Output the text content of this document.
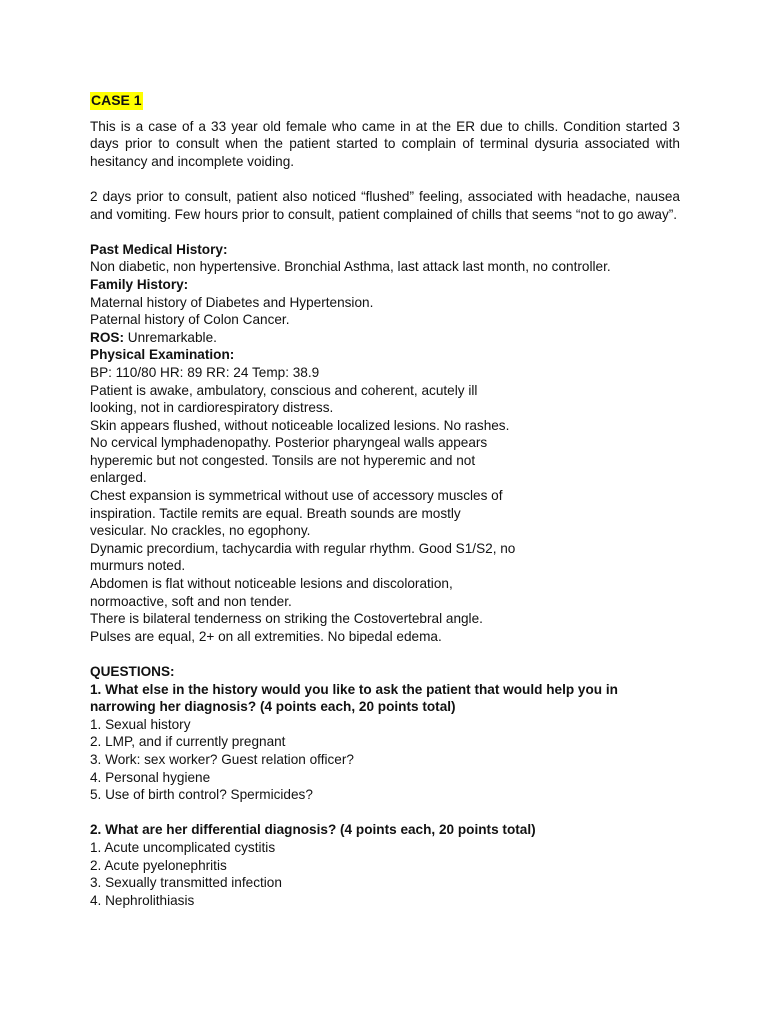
CASE 1

This is a case of a 33 year old female who came in at the ER due to chills. Condition started 3 days prior to consult when the patient started to complain of terminal dysuria associated with hesitancy and incomplete voiding.

2 days prior to consult, patient also noticed “flushed” feeling, associated with headache, nausea and vomiting. Few hours prior to consult, patient complained of chills that seems “not to go away”.

Past Medical History:
Non diabetic, non hypertensive. Bronchial Asthma, last attack last month, no controller.
Family History:
Maternal history of Diabetes and Hypertension.
Paternal history of Colon Cancer.
ROS: Unremarkable.
Physical Examination:
BP: 110/80 HR: 89 RR: 24 Temp: 38.9
Patient is awake, ambulatory, conscious and coherent, acutely ill
looking, not in cardiorespiratory distress.
Skin appears flushed, without noticeable localized lesions. No rashes.
No cervical lymphadenopathy. Posterior pharyngeal walls appears
hyperemic but not congested. Tonsils are not hyperemic and not
enlarged.
Chest expansion is symmetrical without use of accessory muscles of
inspiration. Tactile remits are equal. Breath sounds are mostly
vesicular. No crackles, no egophony.
Dynamic precordium, tachycardia with regular rhythm. Good S1/S2, no
murmurs noted.
Abdomen is flat without noticeable lesions and discoloration,
normoactive, soft and non tender.
There is bilateral tenderness on striking the Costovertebral angle.
Pulses are equal, 2+ on all extremities. No bipedal edema.
QUESTIONS:
1. What else in the history would you like to ask the patient that would help you in
narrowing her diagnosis? (4 points each, 20 points total)
1. Sexual history
2. LMP, and if currently pregnant
3. Work: sex worker? Guest relation officer?
4. Personal hygiene
5. Use of birth control? Spermicides?
2. What are her differential diagnosis? (4 points each, 20 points total)
1. Acute uncomplicated cystitis
2. Acute pyelonephritis
3. Sexually transmitted infection
4. Nephrolithiasis
